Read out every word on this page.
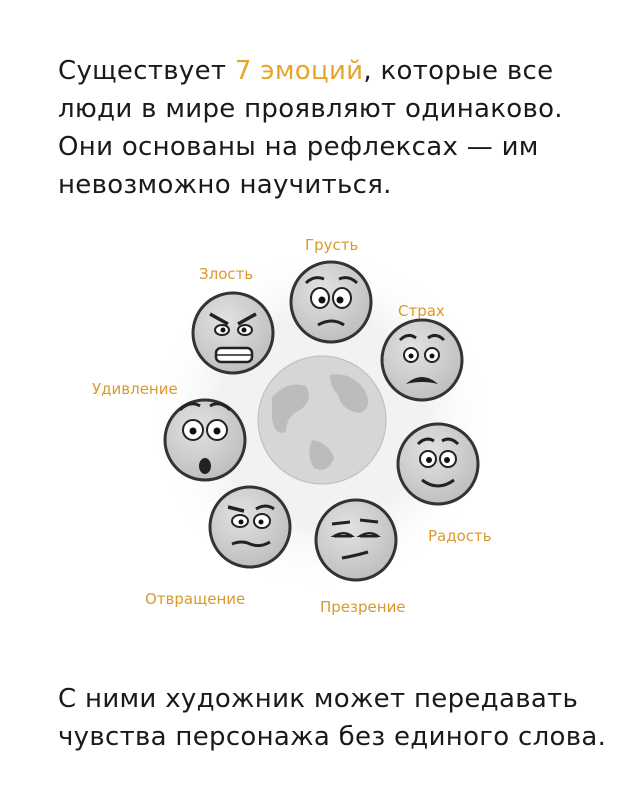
Существует 7 эмоций, которые все люди в мире проявляют одинаково. Они основаны на рефлексах — им невозможно научиться.

Грусть
Злость
Страх
Удивление
Радость
Отвращение	Презрение

С ними художник может передавать чувства персонажа без единого слова.
